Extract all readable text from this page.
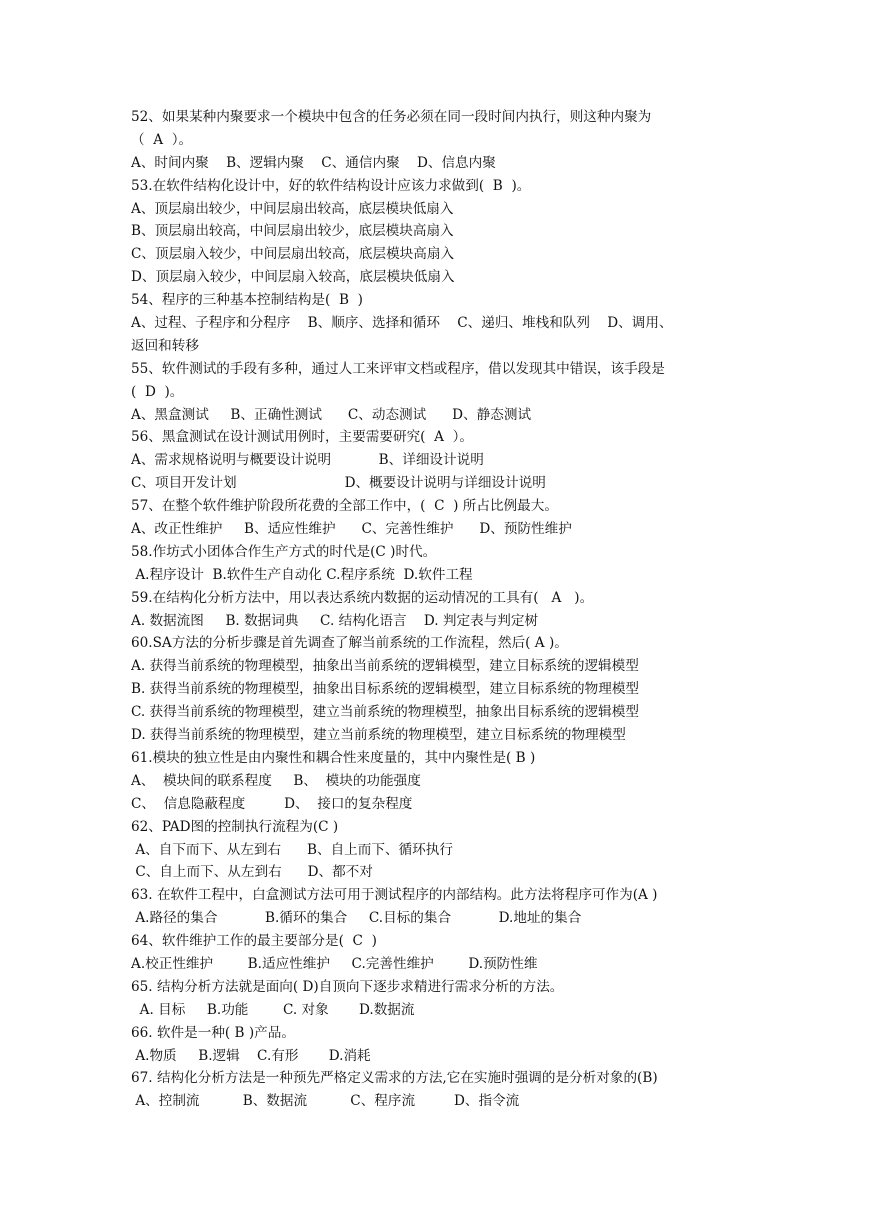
52、如果某种内聚要求一个模块中包含的任务必须在同一段时间内执行，则这种内聚为
（  A  ）。
A、时间内聚    B、逻辑内聚    C、通信内聚    D、信息内聚
53.在软件结构化设计中，好的软件结构设计应该力求做到(  B  )。
A、顶层扇出较少，中间层扇出较高，底层模块低扇入
B、顶层扇出较高，中间层扇出较少，底层模块高扇入
C、顶层扇入较少，中间层扇出较高，底层模块高扇入
D、顶层扇入较少，中间层扇入较高，底层模块低扇入
54、程序的三种基本控制结构是(  B  )
A、过程、子程序和分程序    B、顺序、选择和循环    C、递归、堆栈和队列    D、调用、
返回和转移
55、软件测试的手段有多种，通过人工来评审文档或程序，借以发现其中错误，该手段是
(  D  )。
A、黑盒测试     B、正确性测试      C、动态测试      D、静态测试
56、黑盒测试在设计测试用例时，主要需要研究(  A  ）。
A、需求规格说明与概要设计说明           B、详细设计说明
C、项目开发计划                         D、概要设计说明与详细设计说明
57、在整个软件维护阶段所花费的全部工作中，(  C  ) 所占比例最大。
A、改正性维护     B、适应性维护      C、完善性维护      D、预防性维护
58.作坊式小团体合作生产方式的时代是(C )时代。
A.程序设计  B.软件生产自动化 C.程序系统  D.软件工程
59.在结构化分析方法中，用以表达系统内数据的运动情况的工具有(   A   )。
A. 数据流图     B. 数据词典     C. 结构化语言    D. 判定表与判定树
60.SA方法的分析步骤是首先调查了解当前系统的工作流程，然后( A )。
A. 获得当前系统的物理模型，抽象出当前系统的逻辑模型，建立目标系统的逻辑模型
B. 获得当前系统的物理模型，抽象出目标系统的逻辑模型，建立目标系统的物理模型
C. 获得当前系统的物理模型，建立当前系统的物理模型，抽象出目标系统的逻辑模型
D. 获得当前系统的物理模型，建立当前系统的物理模型，建立目标系统的物理模型
61.模块的独立性是由内聚性和耦合性来度量的，其中内聚性是( B )
A、  模块间的联系程度     B、  模块的功能强度
C、  信息隐蔽程度         D、  接口的复杂程度
62、PAD图的控制执行流程为(C )
A、自下而下、从左到右      B、自上而下、循环执行
C、自上而下、从左到右      D、都不对
63. 在软件工程中，白盒测试方法可用于测试程序的内部结构。此方法将程序可作为(A )
A.路径的集合           B.循环的集合     C.目标的集合           D.地址的集合
64、软件维护工作的最主要部分是(  C  )
A.校正性维护        B.适应性维护     C.完善性维护        D.预防性维
65. 结构分析方法就是面向( D)自顶向下逐步求精进行需求分析的方法。
A. 目标     B.功能        C. 对象       D.数据流
66. 软件是一种( B )产品。
A.物质     B.逻辑    C.有形       D.消耗
67. 结构化分析方法是一种预先严格定义需求的方法,它在实施时强调的是分析对象的(B)
A、控制流          B、数据流          C、程序流         D、指令流
